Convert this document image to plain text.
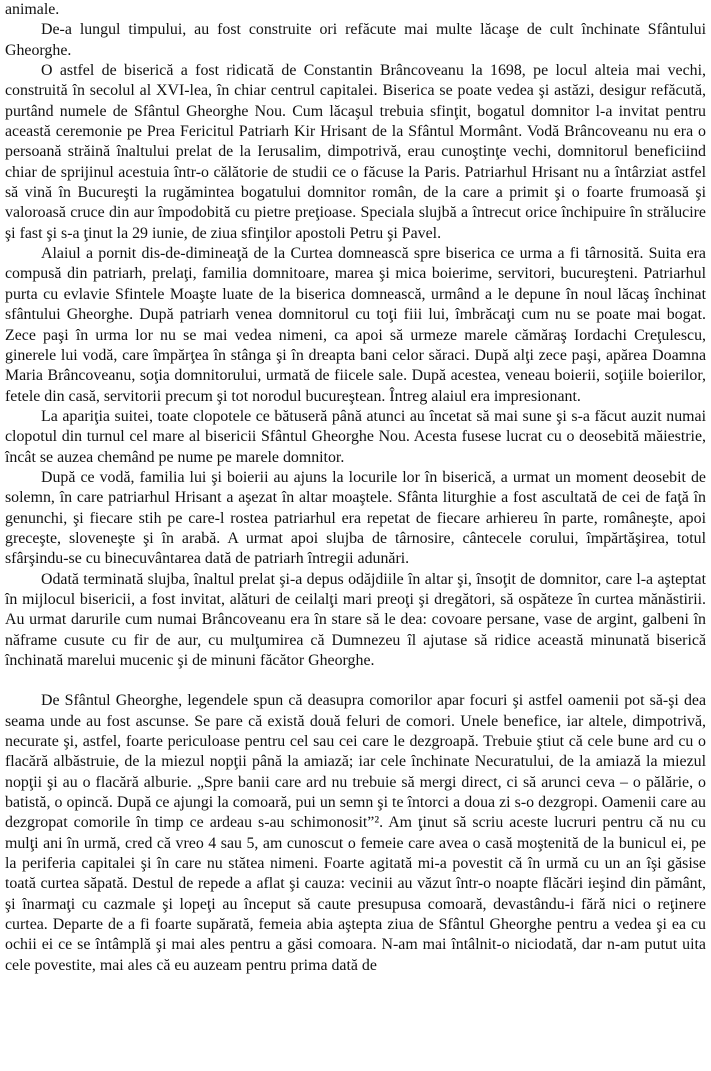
animale.

De-a lungul timpului, au fost construite ori refăcute mai multe lăcaşe de cult închinate Sfântului Gheorghe.

O astfel de biserică a fost ridicată de Constantin Brâncoveanu la 1698, pe locul alteia mai vechi, construită în secolul al XVI-lea, în chiar centrul capitalei. Biserica se poate vedea şi astăzi, desigur refăcută, purtând numele de Sfântul Gheorghe Nou. Cum lăcaşul trebuia sfinţit, bogatul domnitor l-a invitat pentru această ceremonie pe Prea Fericitul Patriarh Kir Hrisant de la Sfântul Mormânt. Vodă Brâncoveanu nu era o persoană străină înaltului prelat de la Ierusalim, dimpotrivă, erau cunoştinţe vechi, domnitorul beneficiind chiar de sprijinul acestuia într-o călătorie de studii ce o făcuse la Paris. Patriarhul Hrisant nu a întârziat astfel să vină în Bucureşti la rugămintea bogatului domnitor român, de la care a primit şi o foarte frumoasă şi valoroasă cruce din aur împodobită cu pietre preţioase. Speciala slujbă a întrecut orice închipuire în strălucire şi fast şi s-a ţinut la 29 iunie, de ziua sfinţilor apostoli Petru şi Pavel.

Alaiul a pornit dis-de-dimineaţă de la Curtea domnească spre biserica ce urma a fi târnosită. Suita era compusă din patriarh, prelaţi, familia domnitoare, marea şi mica boierime, servitori, bucureşteni. Patriarhul purta cu evlavie Sfintele Moaşte luate de la biserica domnească, urmând a le depune în noul lăcaş închinat sfântului Gheorghe. După patriarh venea domnitorul cu toţi fiii lui, îmbrăcaţi cum nu se poate mai bogat. Zece paşi în urma lor nu se mai vedea nimeni, ca apoi să urmeze marele cămăraş Iordachi Creţulescu, ginerele lui vodă, care împărţea în stânga şi în dreapta bani celor săraci. După alţi zece paşi, apărea Doamna Maria Brâncoveanu, soţia domnitorului, urmată de fiicele sale. După acestea, veneau boierii, soţiile boierilor, fetele din casă, servitorii precum şi tot norodul bucureştean. Întreg alaiul era impresionant.

La apariţia suitei, toate clopotele ce bătuseră până atunci au încetat să mai sune şi s-a făcut auzit numai clopotul din turnul cel mare al bisericii Sfântul Gheorghe Nou. Acesta fusese lucrat cu o deosebită măiestrie, încât se auzea chemând pe nume pe marele domnitor.

După ce vodă, familia lui şi boierii au ajuns la locurile lor în biserică, a urmat un moment deosebit de solemn, în care patriarhul Hrisant a aşezat în altar moaştele. Sfânta liturghie a fost ascultată de cei de faţă în genunchi, şi fiecare stih pe care-l rostea patriarhul era repetat de fiecare arhiereu în parte, româneşte, apoi greceşte, sloveneşte şi în arabă. A urmat apoi slujba de târnosire, cântecele corului, împărtăşirea, totul sfârşindu-se cu binecuvântarea dată de patriarh întregii adunări.

Odată terminată slujba, înaltul prelat şi-a depus odăjdiile în altar şi, însoţit de domnitor, care l-a aşteptat în mijlocul bisericii, a fost invitat, alături de ceilalţi mari preoţi şi dregători, să ospăteze în curtea mănăstirii. Au urmat darurile cum numai Brâncoveanu era în stare să le dea: covoare persane, vase de argint, galbeni în năframe cusute cu fir de aur, cu mulţumirea că Dumnezeu îl ajutase să ridice această minunată biserică închinată marelui mucenic şi de minuni făcător Gheorghe.

De Sfântul Gheorghe, legendele spun că deasupra comorilor apar focuri şi astfel oamenii pot să-şi dea seama unde au fost ascunse. Se pare că există două feluri de comori. Unele benefice, iar altele, dimpotrivă, necurate şi, astfel, foarte periculoase pentru cel sau cei care le dezgroapă. Trebuie ştiut că cele bune ard cu o flacără albăstruie, de la miezul nopţii până la amiază; iar cele închinate Necuratului, de la amiază la miezul nopţii şi au o flacără alburie. „Spre banii care ard nu trebuie să mergi direct, ci să arunci ceva – o pălărie, o batistă, o opincă. După ce ajungi la comoară, pui un semn şi te întorci a doua zi s-o dezgropi. Oamenii care au dezgropat comorile în timp ce ardeau s-au schimonosit”². Am ţinut să scriu aceste lucruri pentru că nu cu mulţi ani în urmă, cred că vreo 4 sau 5, am cunoscut o femeie care avea o casă moştenită de la bunicul ei, pe la periferia capitalei şi în care nu stătea nimeni. Foarte agitată mi-a povestit că în urmă cu un an îşi găsise toată curtea săpată. Destul de repede a aflat şi cauza: vecinii au văzut într-o noapte flăcări ieşind din pământ, şi înarmaţi cu cazmale şi lopeţi au început să caute presupusa comoară, devastându-i fără nici o reţinere curtea. Departe de a fi foarte supărată, femeia abia aştepta ziua de Sfântul Gheorghe pentru a vedea şi ea cu ochii ei ce se întâmplă şi mai ales pentru a găsi comoara. N-am mai întâlnit-o niciodată, dar n-am putut uita cele povestite, mai ales că eu auzeam pentru prima dată de
